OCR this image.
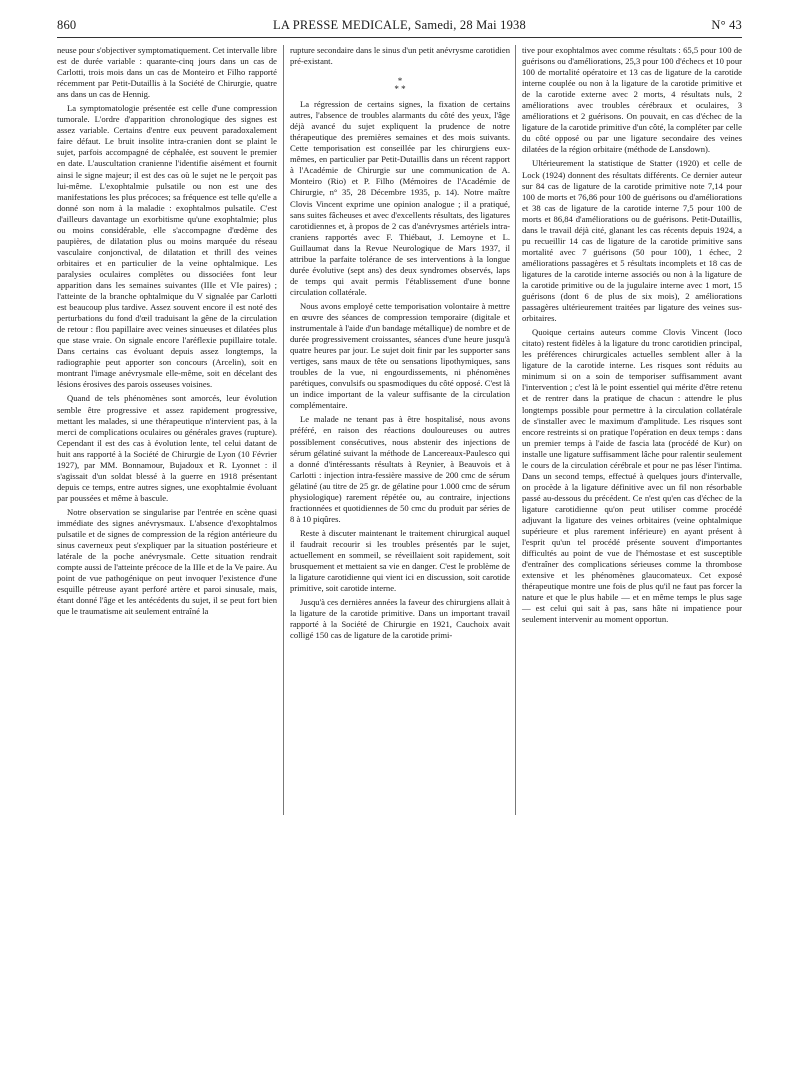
860	LA PRESSE MEDICALE, Samedi, 28 Mai 1938	N° 43

neuse pour s'objectiver symptomatiquement. Cet intervalle libre est de durée variable : quarante-cinq jours dans un cas de Carlotti, trois mois dans un cas de Monteiro et Filho rapporté récemment par Petit-Dutaillis à la Société de Chirurgie, quatre ans dans un cas de Hennig.

La symptomatologie présentée est celle d'une compression tumorale. L'ordre d'apparition chronologique des signes est assez variable. Certains d'entre eux peuvent paradoxalement faire défaut. Le bruit insolite intra-cranien dont se plaint le sujet, parfois accompagné de céphalée, est souvent le premier en date. L'auscultation cranienne l'identifie aisément et fournit ainsi le signe majeur; il est des cas où le sujet ne le perçoit pas lui-même. L'exophtalmie pulsatile ou non est une des manifestations les plus précoces; sa fréquence est telle qu'elle a donné son nom à la maladie : exophtalmos pulsatile. C'est d'ailleurs davantage un exorbitisme qu'une exophtalmie; plus ou moins considérable, elle s'accompagne d'œdème des paupières, de dilatation plus ou moins marquée du réseau vasculaire conjonctival, de dilatation et thrill des veines orbitaires et en particulier de la veine ophtalmique. Les paralysies oculaires complètes ou dissociées font leur apparition dans les semaines suivantes (IIIe et VIe paires) ; l'atteinte de la branche ophtalmique du V signalée par Carlotti est beaucoup plus tardive. Assez souvent encore il est noté des perturbations du fond d'œil traduisant la gêne de la circulation de retour : flou papillaire avec veines sinueuses et dilatées plus que stase vraie. On signale encore l'aréflexie pupillaire totale. Dans certains cas évoluant depuis assez longtemps, la radiographie peut apporter son concours (Arcelin), soit en montrant l'image anévrysmale elle-même, soit en décelant des lésions érosives des parois osseuses voisines.

Quand de tels phénomènes sont amorcés, leur évolution semble être progressive et assez rapidement progressive, mettant les malades, si une thérapeutique n'intervient pas, à la merci de complications oculaires ou générales graves (rupture). Cependant il est des cas à évolution lente, tel celui datant de huit ans rapporté à la Société de Chirurgie de Lyon (10 Février 1927), par MM. Bonnamour, Bujadoux et R. Lyonnet : il s'agissait d'un soldat blessé à la guerre en 1918 présentant depuis ce temps, entre autres signes, une exophtalmie évoluant par poussées et même à bascule.

Notre observation se singularise par l'entrée en scène quasi immédiate des signes anévrysmaux. L'absence d'exophtalmos pulsatile et de signes de compression de la région antérieure du sinus caverneux peut s'expliquer par la situation postérieure et latérale de la poche anévrysmale. Cette situation rendrait compte aussi de l'atteinte précoce de la IIIe et de la Ve paire. Au point de vue pathogénique on peut invoquer l'existence d'une esquille pétreuse ayant perforé artère et paroi sinusale, mais, étant donné l'âge et les antécédents du sujet, il se peut fort bien que le traumatisme ait seulement entraîné la

rupture secondaire dans le sinus d'un petit anévrysme carotidien pré-existant.

*
* *

La régression de certains signes, la fixation de certains autres, l'absence de troubles alarmants du côté des yeux, l'âge déjà avancé du sujet expliquent la prudence de notre thérapeutique des premières semaines et des mois suivants. Cette temporisation est conseillée par les chirurgiens eux-mêmes, en particulier par Petit-Dutaillis dans un récent rapport à l'Académie de Chirurgie sur une communication de A. Monteiro (Rio) et P. Filho (Mémoires de l'Académie de Chirurgie, n° 35, 28 Décembre 1935, p. 14). Notre maître Clovis Vincent exprime une opinion analogue ; il a pratiqué, sans suites fâcheuses et avec d'excellents résultats, des ligatures carotidiennes et, à propos de 2 cas d'anévrysmes artériels intra-craniens rapportés avec F. Thiébaut, J. Lemoyne et L. Guillaumat dans la Revue Neurologique de Mars 1937, il attribue la parfaite tolérance de ses interventions à la longue durée évolutive (sept ans) des deux syndromes observés, laps de temps qui avait permis l'établissement d'une bonne circulation collatérale.

Nous avons employé cette temporisation volontaire à mettre en œuvre des séances de compression temporaire (digitale et instrumentale à l'aide d'un bandage métallique) de nombre et de durée progressivement croissantes, séances d'une heure jusqu'à quatre heures par jour. Le sujet doit finir par les supporter sans vertiges, sans maux de tête ou sensations lipothymiques, sans troubles de la vue, ni engourdissements, ni phénomènes parétiques, convulsifs ou spasmodiques du côté opposé. C'est là un indice important de la valeur suffisante de la circulation complémentaire.

Le malade ne tenant pas à être hospitalisé, nous avons préféré, en raison des réactions douloureuses ou autres possiblement consécutives, nous abstenir des injections de sérum gélatiné suivant la méthode de Lancereaux-Paulesco qui a donné d'intéressants résultats à Reynier, à Beauvois et à Carlotti : injection intra-fessière massive de 200 cmc de sérum gélatiné (au titre de 25 gr. de gélatine pour 1.000 cmc de sérum physiologique) rarement répétée ou, au contraire, injections fractionnées et quotidiennes de 50 cmc du produit par séries de 8 à 10 piqûres.

Reste à discuter maintenant le traitement chirurgical auquel il faudrait recourir si les troubles présentés par le sujet, actuellement en sommeil, se réveillaient soit rapidement, soit brusquement et mettaient sa vie en danger. C'est le problème de la ligature carotidienne qui vient ici en discussion, soit carotide primitive, soit carotide interne.

Jusqu'à ces dernières années la faveur des chirurgiens allait à la ligature de la carotide primitive. Dans un important travail rapporté à la Société de Chirurgie en 1921, Cauchoix avait colligé 150 cas de ligature de la carotide primi-

tive pour exophtalmos avec comme résultats : 65,5 pour 100 de guérisons ou d'améliorations, 25,3 pour 100 d'échecs et 10 pour 100 de mortalité opératoire et 13 cas de ligature de la carotide interne couplée ou non à la ligature de la carotide primitive et de la carotide externe avec 2 morts, 4 résultats nuls, 2 améliorations avec troubles cérébraux et oculaires, 3 améliorations et 2 guérisons. On pouvait, en cas d'échec de la ligature de la carotide primitive d'un côté, la compléter par celle du côté opposé ou par une ligature secondaire des veines dilatées de la région orbitaire (méthode de Lansdown).

Ultérieurement la statistique de Statter (1920) et celle de Lock (1924) donnent des résultats différents. Ce dernier auteur sur 84 cas de ligature de la carotide primitive note 7,14 pour 100 de morts et 76,86 pour 100 de guérisons ou d'améliorations et 38 cas de ligature de la carotide interne 7,5 pour 100 de morts et 86,84 d'améliorations ou de guérisons. Petit-Dutaillis, dans le travail déjà cité, glanant les cas récents depuis 1924, a pu recueillir 14 cas de ligature de la carotide primitive sans mortalité avec 7 guérisons (50 pour 100), 1 échec, 2 améliorations passagères et 5 résultats incomplets et 18 cas de ligatures de la carotide interne associés ou non à la ligature de la carotide primitive ou de la jugulaire interne avec 1 mort, 15 guérisons (dont 6 de plus de six mois), 2 améliorations passagères ultérieurement traitées par ligature des veines sus-orbitaires.

Quoique certains auteurs comme Clovis Vincent (loco citato) restent fidèles à la ligature du tronc carotidien principal, les préférences chirurgicales actuelles semblent aller à la ligature de la carotide interne. Les risques sont réduits au minimum si on a soin de temporiser suffisamment avant l'intervention ; c'est là le point essentiel qui mérite d'être retenu et de rentrer dans la pratique de chacun : attendre le plus longtemps possible pour permettre à la circulation collatérale de s'installer avec le maximum d'amplitude. Les risques sont encore restreints si on pratique l'opération en deux temps : dans un premier temps à l'aide de fascia lata (procédé de Kur) on installe une ligature suffisamment lâche pour ralentir seulement le cours de la circulation cérébrale et pour ne pas léser l'intima. Dans un second temps, effectué à quelques jours d'intervalle, on procède à la ligature définitive avec un fil non résorbable passé au-dessous du précédent. Ce n'est qu'en cas d'échec de la ligature carotidienne qu'on peut utiliser comme procédé adjuvant la ligature des veines orbitaires (veine ophtalmique supérieure et plus rarement inférieure) en ayant présent à l'esprit qu'un tel procédé présente souvent d'importantes difficultés au point de vue de l'hémostase et est susceptible d'entraîner des complications sérieuses comme la thrombose extensive et les phénomènes glaucomateux. Cet exposé thérapeutique montre une fois de plus qu'il ne faut pas forcer la nature et que le plus habile — et en même temps le plus sage — est celui qui sait à pas, sans hâte ni impatience pour seulement intervenir au moment opportun.
